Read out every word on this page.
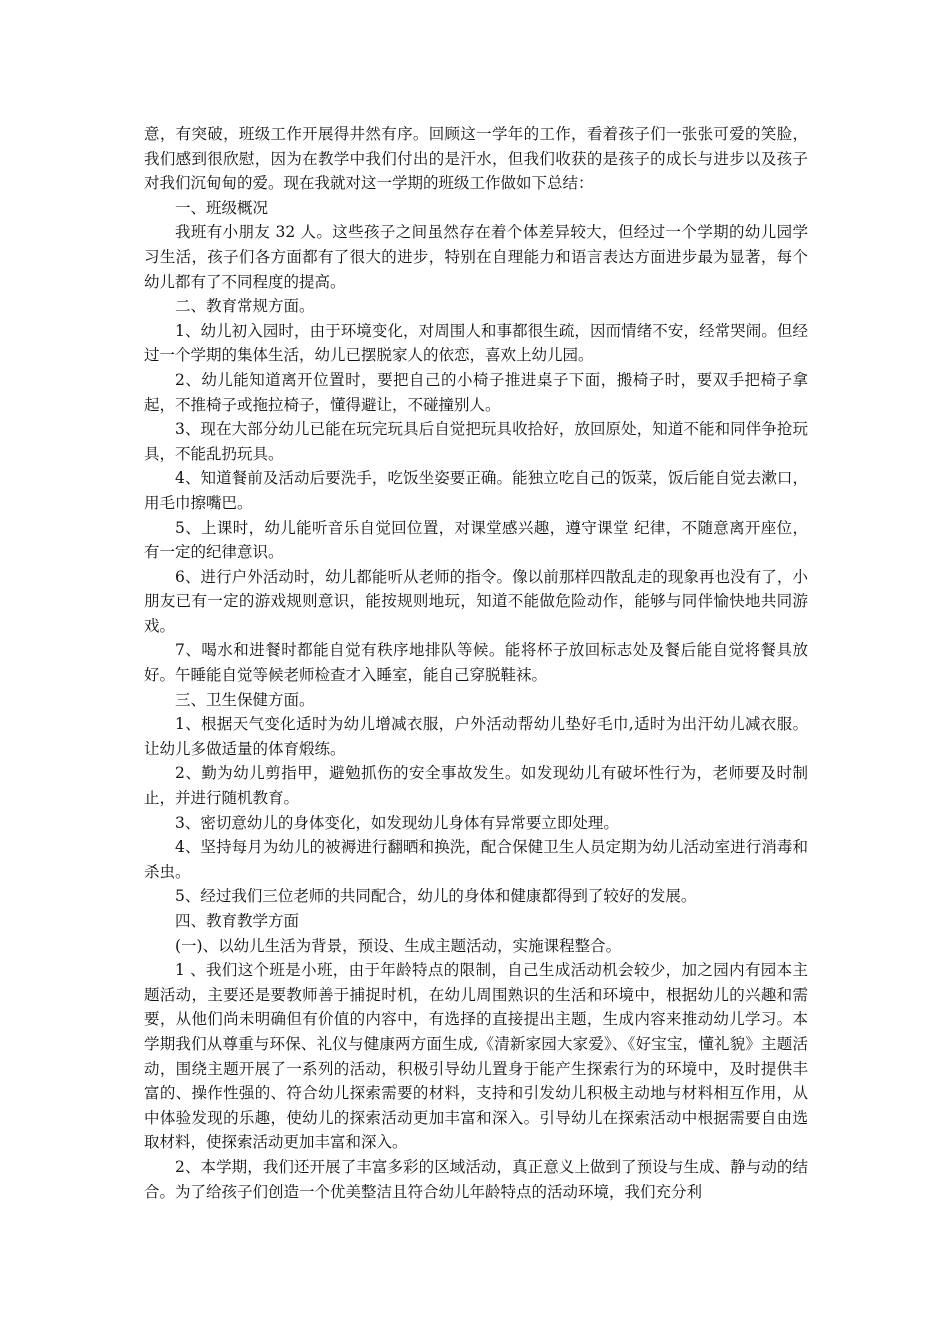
意，有突破，班级工作开展得井然有序。回顾这一学年的工作，看着孩子们一张张可爱的笑脸，我们感到很欣慰，因为在教学中我们付出的是汗水，但我们收获的是孩子的成长与进步以及孩子对我们沉甸甸的爱。现在我就对这一学期的班级工作做如下总结：

一、班级概况

我班有小朋友 32 人。这些孩子之间虽然存在着个体差异较大，但经过一个学期的幼儿园学习生活，孩子们各方面都有了很大的进步，特别在自理能力和语言表达方面进步最为显著，每个幼儿都有了不同程度的提高。

二、教育常规方面。

1、幼儿初入园时，由于环境变化，对周围人和事都很生疏，因而情绪不安，经常哭闹。但经过一个学期的集体生活，幼儿已摆脱家人的依恋，喜欢上幼儿园。

2、幼儿能知道离开位置时，要把自己的小椅子推进桌子下面，搬椅子时，要双手把椅子拿起，不推椅子或拖拉椅子，懂得避让，不碰撞别人。

3、现在大部分幼儿已能在玩完玩具后自觉把玩具收拾好，放回原处，知道不能和同伴争抢玩具，不能乱扔玩具。

4、知道餐前及活动后要洗手，吃饭坐姿要正确。能独立吃自己的饭菜，饭后能自觉去漱口，用毛巾擦嘴巴。

5、上课时，幼儿能听音乐自觉回位置，对课堂感兴趣，遵守课堂 纪律，不随意离开座位，有一定的纪律意识。

6、进行户外活动时，幼儿都能听从老师的指令。像以前那样四散乱走的现象再也没有了，小朋友已有一定的游戏规则意识，能按规则地玩，知道不能做危险动作，能够与同伴愉快地共同游戏。

7、喝水和进餐时都能自觉有秩序地排队等候。能将杯子放回标志处及餐后能自觉将餐具放好。午睡能自觉等候老师检查才入睡室，能自己穿脱鞋袜。

三、卫生保健方面。

1、根据天气变化适时为幼儿增减衣服，户外活动帮幼儿垫好毛巾,适时为出汗幼儿减衣服。让幼儿多做适量的体育煅练。

2、勤为幼儿剪指甲，避勉抓伤的安全事故发生。如发现幼儿有破坏性行为，老师要及时制止，并进行随机教育。

3、密切意幼儿的身体变化，如发现幼儿身体有异常要立即处理。

4、坚持每月为幼儿的被褥进行翻晒和换洗，配合保健卫生人员定期为幼儿活动室进行消毒和杀虫。

5、经过我们三位老师的共同配合，幼儿的身体和健康都得到了较好的发展。

四、教育教学方面

(一)、以幼儿生活为背景，预设、生成主题活动，实施课程整合。

1 、我们这个班是小班，由于年龄特点的限制，自己生成活动机会较少，加之园内有园本主题活动，主要还是要教师善于捕捉时机，在幼儿周围熟识的生活和环境中，根据幼儿的兴趣和需要，从他们尚未明确但有价值的内容中，有选择的直接提出主题，生成内容来推动幼儿学习。本学期我们从尊重与环保、礼仪与健康两方面生成,《清新家园大家爱》、《好宝宝，懂礼貌》主题活动，围绕主题开展了一系列的活动，积极引导幼儿置身于能产生探索行为的环境中，及时提供丰富的、操作性强的、符合幼儿探索需要的材料，支持和引发幼儿积极主动地与材料相互作用，从中体验发现的乐趣，使幼儿的探索活动更加丰富和深入。引导幼儿在探索活动中根据需要自由选取材料，使探索活动更加丰富和深入。

2、本学期，我们还开展了丰富多彩的区域活动，真正意义上做到了预设与生成、静与动的结合。为了给孩子们创造一个优美整洁且符合幼儿年龄特点的活动环境，我们充分利
